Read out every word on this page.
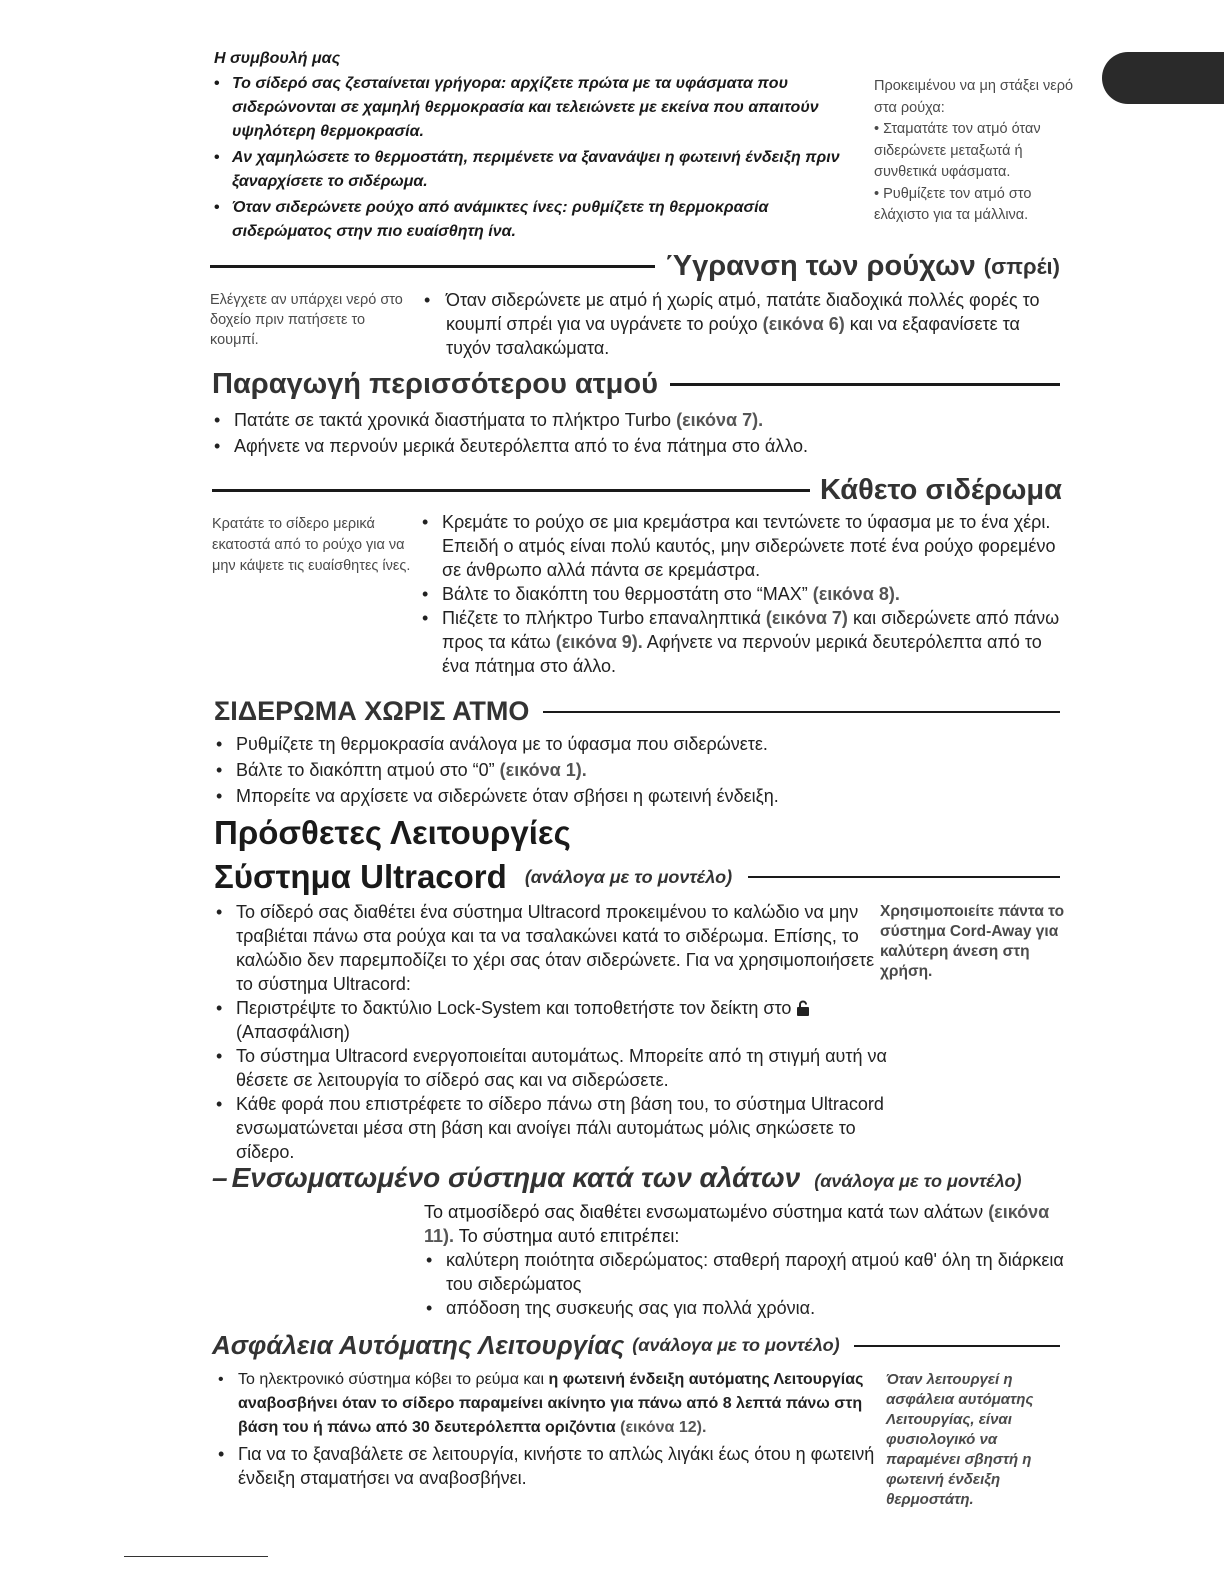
Η συμβουλή μας
• Το σίδερό σας ζεσταίνεται γρήγορα: αρχίζετε πρώτα με τα υφάσματα που σιδερώνονται σε χαμηλή θερμοκρασία και τελειώνετε με εκείνα που απαιτούν υψηλότερη θερμοκρασία.
• Αν χαμηλώσετε το θερμοστάτη, περιμένετε να ξανανάψει η φωτεινή ένδειξη πριν ξαναρχίσετε το σιδέρωμα.
• Όταν σιδερώνετε ρούχο από ανάμικτες ίνες: ρυθμίζετε τη θερμοκρασία σιδερώματος στην πιο ευαίσθητη ίνα.
Προκειμένου να μη στάξει νερό στα ρούχα:
• Σταματάτε τον ατμό όταν σιδερώνετε μεταξωτά ή συνθετικά υφάσματα.
• Ρυθμίζετε τον ατμό στο ελάχιστο για τα μάλλινα.
Ύγρανση των ρούχων (σπρέι)
Ελέγχετε αν υπάρχει νερό στο δοχείο πριν πατήσετε το κουμπί.
• Όταν σιδερώνετε με ατμό ή χωρίς ατμό, πατάτε διαδοχικά πολλές φορές το κουμπί σπρέι για να υγράνετε το ρούχο (εικόνα 6) και να εξαφανίσετε τα τυχόν τσαλακώματα.
Παραγωγή περισσότερου ατμού
• Πατάτε σε τακτά χρονικά διαστήματα το πλήκτρο Turbo (εικόνα 7).
• Αφήνετε να περνούν μερικά δευτερόλεπτα από το ένα πάτημα στο άλλο.
Κάθετο σιδέρωμα
Κρατάτε το σίδερο μερικά εκατοστά από το ρούχο για να μην κάψετε τις ευαίσθητες ίνες.
• Κρεμάτε το ρούχο σε μια κρεμάστρα και τεντώνετε το ύφασμα με το ένα χέρι. Επειδή ο ατμός είναι πολύ καυτός, μην σιδερώνετε ποτέ ένα ρούχο φορεμένο σε άνθρωπο αλλά πάντα σε κρεμάστρα.
• Βάλτε το διακόπτη του θερμοστάτη στο “MAX” (εικόνα 8).
• Πιέζετε το πλήκτρο Turbo επαναληπτικά (εικόνα 7) και σιδερώνετε από πάνω προς τα κάτω (εικόνα 9). Αφήνετε να περνούν μερικά δευτερόλεπτα από το ένα πάτημα στο άλλο.
ΣΙΔΕΡΩΜΑ ΧΩΡΙΣ ΑΤΜΟ
• Ρυθμίζετε τη θερμοκρασία ανάλογα με το ύφασμα που σιδερώνετε.
• Βάλτε το διακόπτη ατμού στο “0” (εικόνα 1).
• Μπορείτε να αρχίσετε να σιδερώνετε όταν σβήσει η φωτεινή ένδειξη.
Πρόσθετες Λειτουργίες
Σύστημα Ultracord (ανάλογα με το μοντέλο)
• Το σίδερό σας διαθέτει ένα σύστημα Ultracord προκειμένου το καλώδιο να μην τραβιέται πάνω στα ρούχα και τα να τσαλακώνει κατά το σιδέρωμα. Επίσης, το καλώδιο δεν παρεμποδίζει το χέρι σας όταν σιδερώνετε. Για να χρησιμοποιήσετε το σύστημα Ultracord:
• Περιστρέψτε το δακτύλιο Lock-System και τοποθετήστε τον δείκτη στο  (Απασφάλιση)
• Το σύστημα Ultracord ενεργοποιείται αυτομάτως. Μπορείτε από τη στιγμή αυτή να θέσετε σε λειτουργία το σίδερό σας και να σιδερώσετε.
• Κάθε φορά που επιστρέφετε το σίδερο πάνω στη βάση του, το σύστημα Ultracord ενσωματώνεται μέσα στη βάση και ανοίγει πάλι αυτομάτως μόλις σηκώσετε το σίδερο.
Χρησιμοποιείτε πάντα το σύστημα Cord-Away για καλύτερη άνεση στη χρήση.
– Ενσωματωμένο σύστημα κατά των αλάτων (ανάλογα με το μοντέλο)
Το ατμοσίδερό σας διαθέτει ενσωματωμένο σύστημα κατά των αλάτων (εικόνα 11). Το σύστημα αυτό επιτρέπει:
• καλύτερη ποιότητα σιδερώματος: σταθερή παροχή ατμού καθ' όλη τη διάρκεια του σιδερώματος
• απόδοση της συσκευής σας για πολλά χρόνια.
Ασφάλεια Αυτόματης Λειτουργίας (ανάλογα με το μοντέλο)
• Το ηλεκτρονικό σύστημα κόβει το ρεύμα και η φωτεινή ένδειξη αυτόματης Λειτουργίας αναβοσβήνει όταν το σίδερο παραμείνει ακίνητο για πάνω από 8 λεπτά πάνω στη βάση του ή πάνω από 30 δευτερόλεπτα οριζόντια (εικόνα 12).
• Για να το ξαναβάλετε σε λειτουργία, κινήστε το απλώς λιγάκι έως ότου η φωτεινή ένδειξη σταματήσει να αναβοσβήνει.
Όταν λειτουργεί η ασφάλεια αυτόματης Λειτουργίας, είναι φυσιολογικό να παραμένει σβηστή η φωτεινή ένδειξη θερμοστάτη.
